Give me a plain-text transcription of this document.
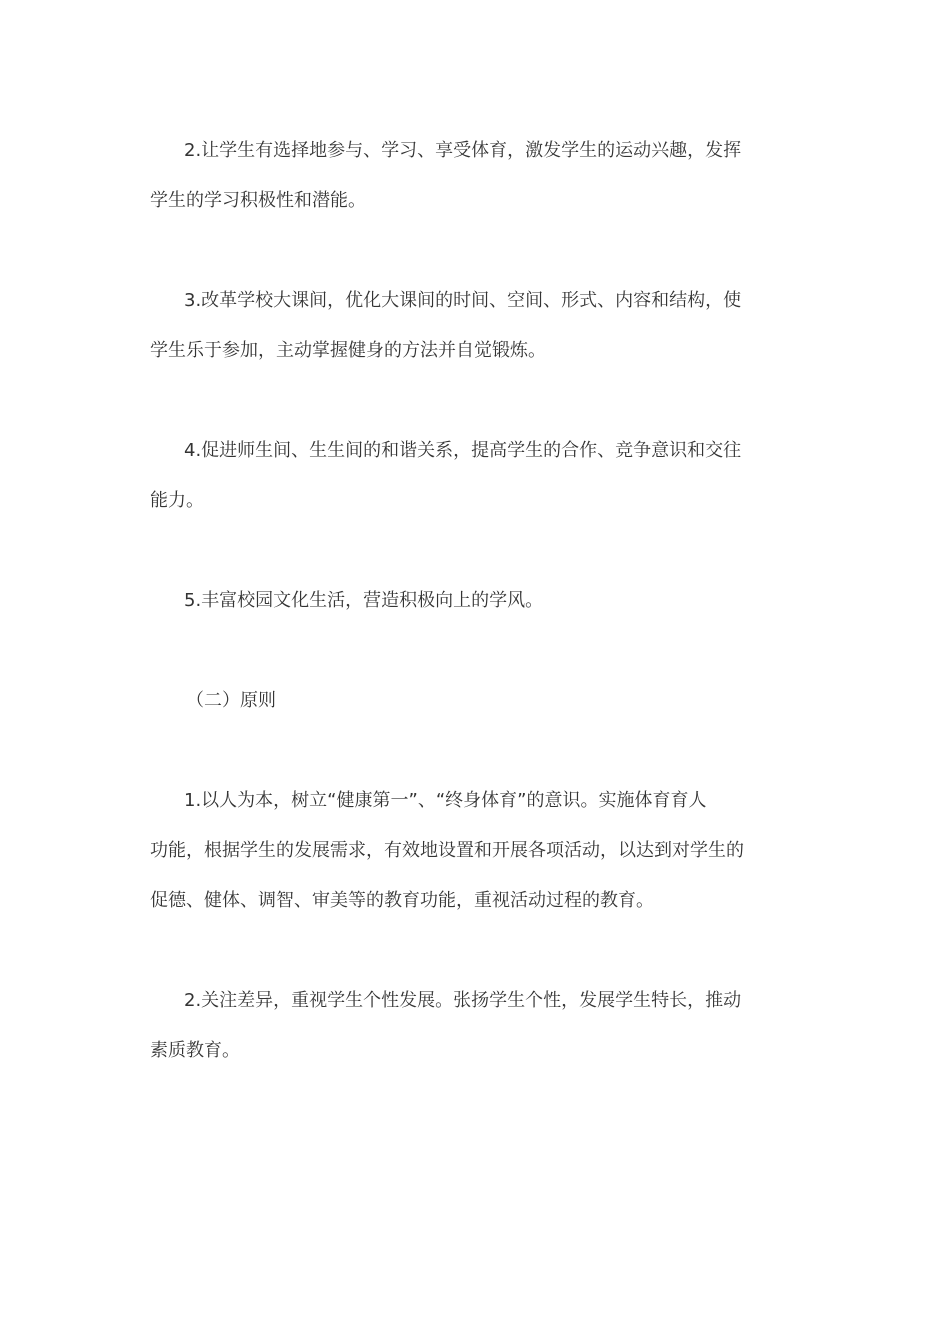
2.让学生有选择地参与、学习、享受体育，激发学生的运动兴趣，发挥
学生的学习积极性和潜能。
3.改革学校大课间，优化大课间的时间、空间、形式、内容和结构，使
学生乐于参加，主动掌握健身的方法并自觉锻炼。
4.促进师生间、生生间的和谐关系，提高学生的合作、竞争意识和交往
能力。
5.丰富校园文化生活，营造积极向上的学风。
（二）原则
1.以人为本，树立“健康第一”、“终身体育”的意识。实施体育育人
功能，根据学生的发展需求，有效地设置和开展各项活动，以达到对学生的
促德、健体、调智、审美等的教育功能，重视活动过程的教育。
2.关注差异，重视学生个性发展。张扬学生个性，发展学生特长，推动
素质教育。
